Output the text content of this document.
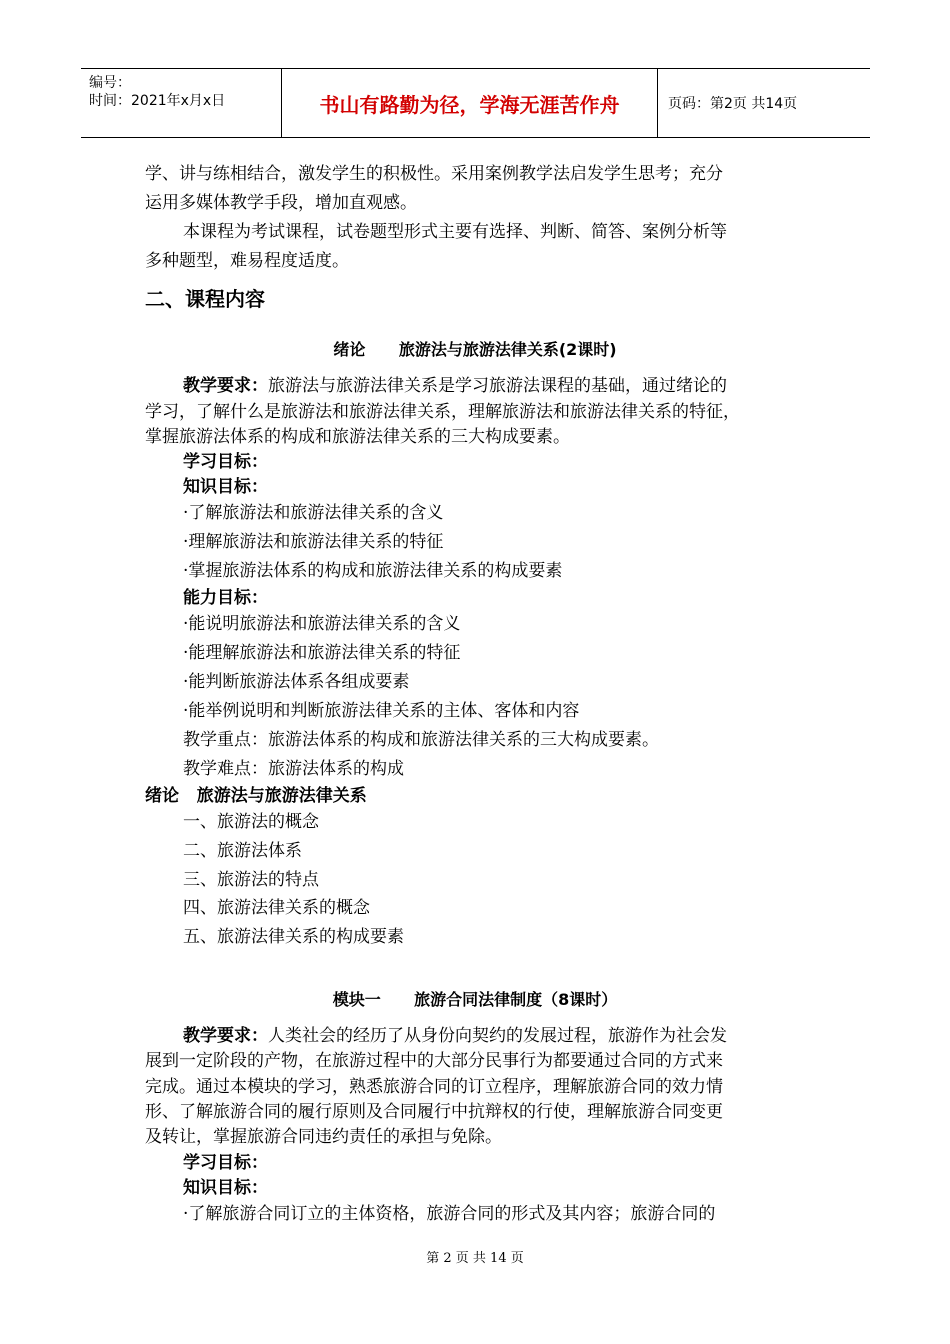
编号：
时间：2021年x月x日	书山有路勤为径，学海无涯苦作舟	页码：第2页 共14页
学、讲与练相结合，激发学生的积极性。采用案例教学法启发学生思考；充分
运用多媒体教学手段，增加直观感。
本课程为考试课程，试卷题型形式主要有选择、判断、简答、案例分析等
多种题型，难易程度适度。
二、课程内容
绪论      旅游法与旅游法律关系(2课时)
教学要求：旅游法与旅游法律关系是学习旅游法课程的基础，通过绪论的
学习，了解什么是旅游法和旅游法律关系，理解旅游法和旅游法律关系的特征，
掌握旅游法体系的构成和旅游法律关系的三大构成要素。
学习目标：
知识目标：
·了解旅游法和旅游法律关系的含义
·理解旅游法和旅游法律关系的特征
·掌握旅游法体系的构成和旅游法律关系的构成要素
能力目标：
·能说明旅游法和旅游法律关系的含义
·能理解旅游法和旅游法律关系的特征
·能判断旅游法体系各组成要素
·能举例说明和判断旅游法律关系的主体、客体和内容
教学重点：旅游法体系的构成和旅游法律关系的三大构成要素。
教学难点：旅游法体系的构成
绪论   旅游法与旅游法律关系
一、旅游法的概念
二、旅游法体系
三、旅游法的特点
四、旅游法律关系的概念
五、旅游法律关系的构成要素
模块一      旅游合同法律制度（8课时）
教学要求：人类社会的经历了从身份向契约的发展过程，旅游作为社会发
展到一定阶段的产物，在旅游过程中的大部分民事行为都要通过合同的方式来
完成。通过本模块的学习，熟悉旅游合同的订立程序，理解旅游合同的效力情
形、了解旅游合同的履行原则及合同履行中抗辩权的行使，理解旅游合同变更
及转让，掌握旅游合同违约责任的承担与免除。
学习目标：
知识目标：
·了解旅游合同订立的主体资格，旅游合同的形式及其内容；旅游合同的
第 2 页 共 14 页
